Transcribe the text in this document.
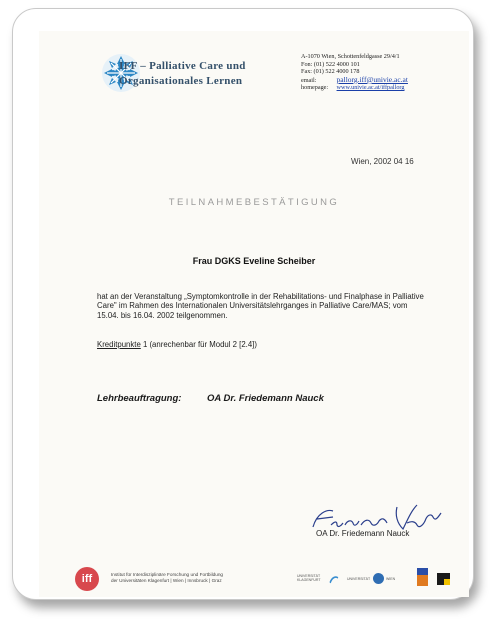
IFF – Palliative Care und
Organisationales Lernen
A-1070 Wien, Schottenfeldgasse 29/4/1
Fon: (01) 522 4000 101
Fax: (01) 522 4000 178
email:	pallorg.iff@univie.ac.at
homepage: www.univie.ac.at/iffpallorg
Wien, 2002 04 16
TEILNAHMEBESTÄTIGUNG
Frau DGKS Eveline Scheiber
hat an der Veranstaltung „Symptomkontrolle in der Rehabilitations- und Finalphase in Palliative Care" im Rahmen des Internationalen Universitätslehrganges in Palliative Care/MAS; vom 15.04. bis 16.04. 2002 teilgenommen.
Kreditpunkte 1 (anrechenbar für Modul 2 [2.4])
Lehrbeauftragung:	OA Dr. Friedemann Nauck
OA Dr. Friedemann Nauck
iff	Institut für Interdisziplinäre Forschung und Fortbildung
der Universitäten Klagenfurt | Wien | Innsbruck | Graz
UNIVERSITÄT
KLAGENFURT	UNIVERSITÄT	WIEN
